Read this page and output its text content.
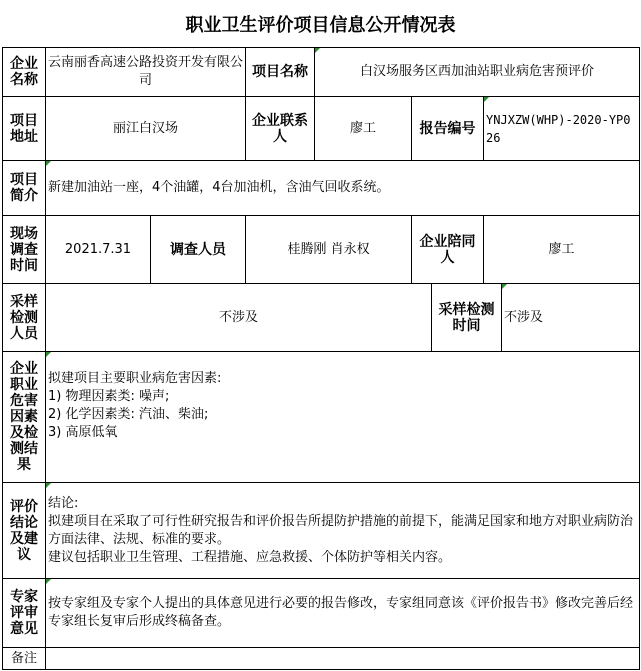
职业卫生评价项目信息公开情况表
企业名称	云南丽香高速公路投资开发有限公司		项目名称	白汉场服务区西加油站职业病危害预评价				
项目地址	丽江白汉场		企业联系人	廖工	报告编号		YNJXZW(WHP)-2020-YP026	
项目简介	新建加油站一座，4个油罐，4台加油机，含油气回收系统。							
现场调查时间	2021.7.31	调查人员	桂腾刚 肖永权		企业陪同人		廖工	
采样检测人员	不涉及					采样检测时间		不涉及
企业职业危害因素及检测结果	拟建项目主要职业病危害因素:
1) 物理因素类: 噪声;
2) 化学因素类: 汽油、柴油;
3) 高原低氧							

评价结论及建议	结论:
拟建项目在采取了可行性研究报告和评价报告所提防护措施的前提下，能满足国家和地方对职业病防治方面法律、法规、标准的要求。
建议包括职业卫生管理、工程措施、应急救援、个体防护等相关内容。							

专家评审意见	按专家组及专家个人提出的具体意见进行必要的报告修改，专家组同意该《评价报告书》修改完善后经专家组长复审后形成终稿备查。							
备注								
